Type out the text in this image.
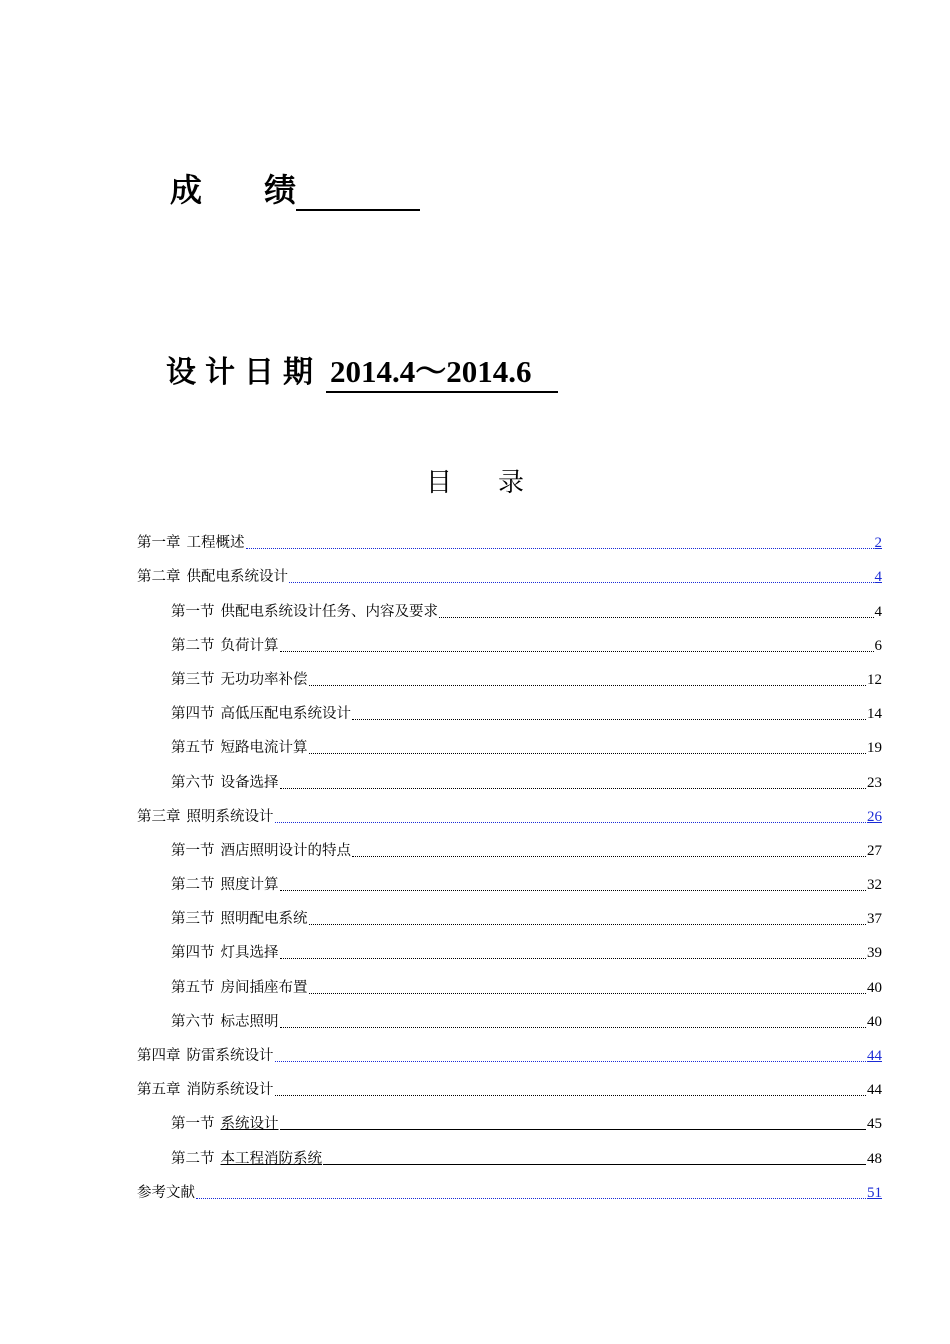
成 绩
设计日期 2014.4～2014.6
目录
第一章 工程概述	2
第二章 供配电系统设计	4
第一节 供配电系统设计任务、内容及要求	4
第二节 负荷计算	6
第三节 无功功率补偿	12
第四节 高低压配电系统设计	14
第五节 短路电流计算	19
第六节 设备选择	23
第三章 照明系统设计	26
第一节 酒店照明设计的特点	27
第二节 照度计算	32
第三节 照明配电系统	37
第四节 灯具选择	39
第五节 房间插座布置	40
第六节 标志照明	40
第四章 防雷系统设计	44
第五章 消防系统设计	44
第一节 系统设计	45
第二节 本工程消防系统	48
参考文献	51
